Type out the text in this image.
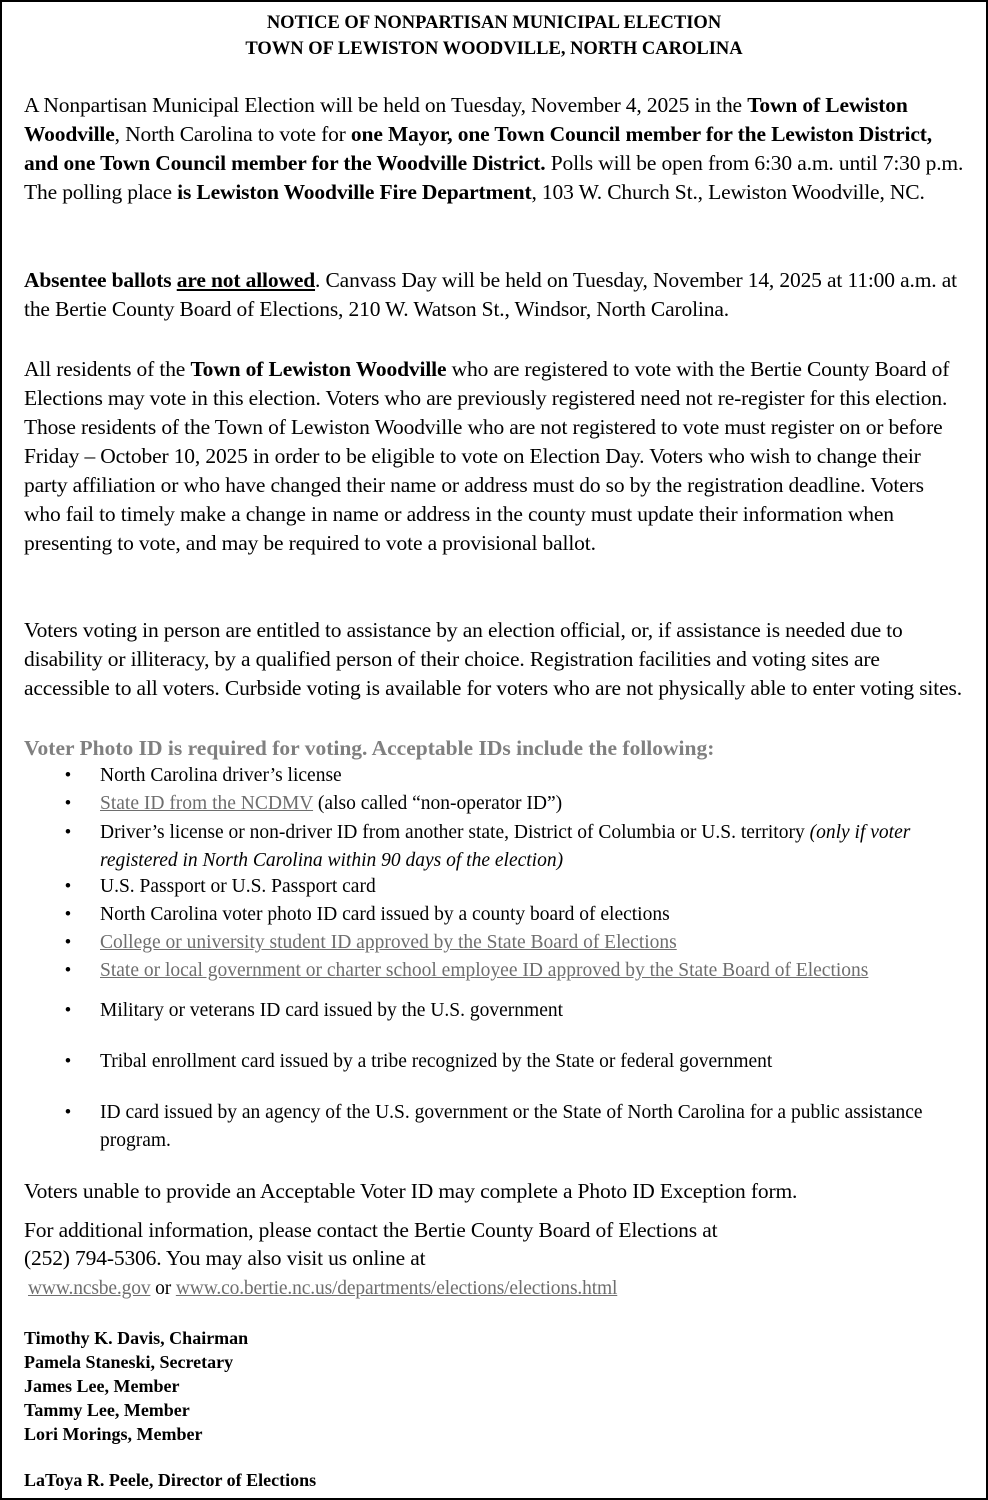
NOTICE OF NONPARTISAN MUNICIPAL ELECTION
TOWN OF LEWISTON WOODVILLE, NORTH CAROLINA
A Nonpartisan Municipal Election will be held on Tuesday, November 4, 2025 in the Town of Lewiston Woodville, North Carolina to vote for one Mayor, one Town Council member for the Lewiston District, and one Town Council member for the Woodville District. Polls will be open from 6:30 a.m. until 7:30 p.m. The polling place is Lewiston Woodville Fire Department, 103 W. Church St., Lewiston Woodville, NC.
Absentee ballots are not allowed. Canvass Day will be held on Tuesday, November 14, 2025 at 11:00 a.m. at the Bertie County Board of Elections, 210 W. Watson St., Windsor, North Carolina.
All residents of the Town of Lewiston Woodville who are registered to vote with the Bertie County Board of Elections may vote in this election. Voters who are previously registered need not re-register for this election. Those residents of the Town of Lewiston Woodville who are not registered to vote must register on or before Friday – October 10, 2025 in order to be eligible to vote on Election Day. Voters who wish to change their party affiliation or who have changed their name or address must do so by the registration deadline. Voters who fail to timely make a change in name or address in the county must update their information when presenting to vote, and may be required to vote a provisional ballot.
Voters voting in person are entitled to assistance by an election official, or, if assistance is needed due to disability or illiteracy, by a qualified person of their choice. Registration facilities and voting sites are accessible to all voters. Curbside voting is available for voters who are not physically able to enter voting sites.
Voter Photo ID is required for voting. Acceptable IDs include the following:
• North Carolina driver’s license
• State ID from the NCDMV (also called “non-operator ID”)
• Driver’s license or non-driver ID from another state, District of Columbia or U.S. territory (only if voter registered in North Carolina within 90 days of the election)
• U.S. Passport or U.S. Passport card
• North Carolina voter photo ID card issued by a county board of elections
• College or university student ID approved by the State Board of Elections
• State or local government or charter school employee ID approved by the State Board of Elections
• Military or veterans ID card issued by the U.S. government
• Tribal enrollment card issued by a tribe recognized by the State or federal government
• ID card issued by an agency of the U.S. government or the State of North Carolina for a public assistance program.
Voters unable to provide an Acceptable Voter ID may complete a Photo ID Exception form.
For additional information, please contact the Bertie County Board of Elections at
(252) 794-5306. You may also visit us online at
www.ncsbe.gov or www.co.bertie.nc.us/departments/elections/elections.html
Timothy K. Davis, Chairman
Pamela Staneski, Secretary
James Lee, Member
Tammy Lee, Member
Lori Morings, Member
LaToya R. Peele, Director of Elections
